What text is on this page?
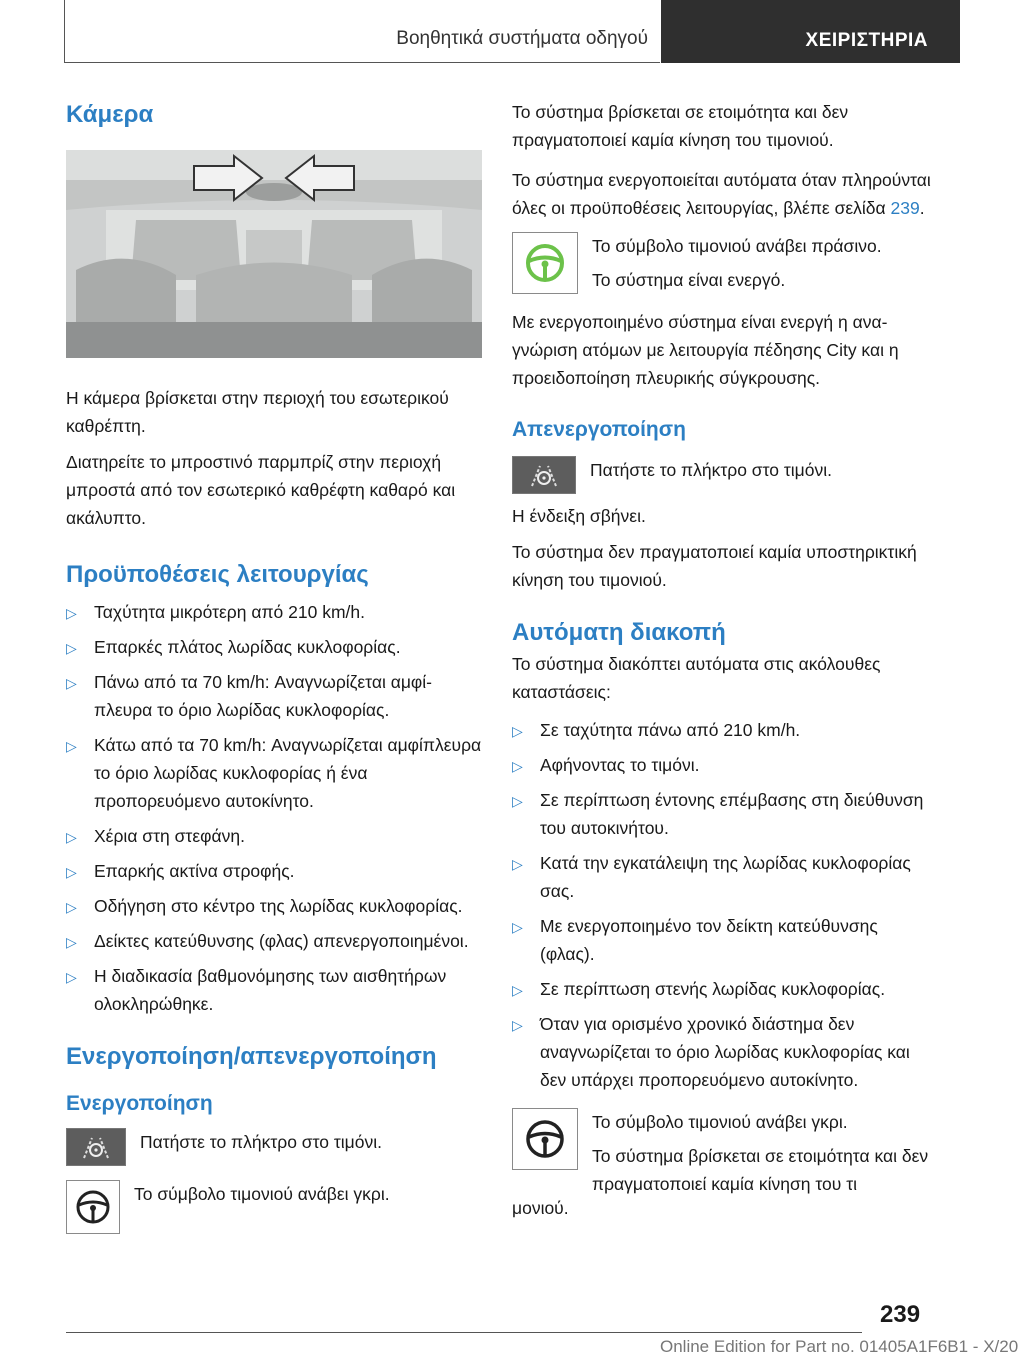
Βοηθητικά συστήματα οδηγού	ΧΕΙΡΙΣΤΗΡΙΑ
Κάμερα

Η κάμερα βρίσκεται στην περιοχή του εσωτερικού καθρέπτη.

Διατηρείτε το μπροστινό παρμπρίζ στην περιοχή μπροστά από τον εσωτερικό καθρέφτη καθαρό και ακάλυπτο.

Προϋποθέσεις λειτουργίας
▷ Ταχύτητα μικρότερη από 210 km/h.
▷ Επαρκές πλάτος λωρίδας κυκλοφορίας.
▷ Πάνω από τα 70 km/h: Αναγνωρίζεται αμφίπλευρα το όριο λωρίδας κυκλοφορίας.
▷ Κάτω από τα 70 km/h: Αναγνωρίζεται αμφίπλευρα το όριο λωρίδας κυκλοφορίας ή ένα προπορευόμενο αυτοκίνητο.
▷ Χέρια στη στεφάνη.
▷ Επαρκής ακτίνα στροφής.
▷ Οδήγηση στο κέντρο της λωρίδας κυκλοφορίας.
▷ Δείκτες κατεύθυνσης (φλας) απενεργοποιημένοι.
▷ Η διαδικασία βαθμονόμησης των αισθητήρων ολοκληρώθηκε.
Ενεργοποίηση/απενεργοποίηση
Ενεργοποίηση

Πατήστε το πλήκτρο στο τιμόνι.

Το σύμβολο τιμονιού ανάβει γκρι.

Το σύστημα βρίσκεται σε ετοιμότητα και δεν πραγματοποιεί καμία κίνηση του τιμονιού.

Το σύστημα ενεργοποιείται αυτόματα όταν πληρούνται όλες οι προϋποθέσεις λειτουργίας, βλέπε σελίδα 239.

Το σύμβολο τιμονιού ανάβει πράσινο.

Το σύστημα είναι ενεργό.

Με ενεργοποιημένο σύστημα είναι ενεργή η αναγνώριση ατόμων με λειτουργία πέδησης City και η προειδοποίηση πλευρικής σύγκρουσης.

Απενεργοποίηση

Πατήστε το πλήκτρο στο τιμόνι.

Η ένδειξη σβήνει.

Το σύστημα δεν πραγματοποιεί καμία υποστηρικτική κίνηση του τιμονιού.

Αυτόματη διακοπή

Το σύστημα διακόπτει αυτόματα στις ακόλουθες καταστάσεις:

▷ Σε ταχύτητα πάνω από 210 km/h.
▷ Αφήνοντας το τιμόνι.
▷ Σε περίπτωση έντονης επέμβασης στη διεύθυνση του αυτοκινήτου.
▷ Κατά την εγκατάλειψη της λωρίδας κυκλοφορίας σας.
▷ Με ενεργοποιημένο τον δείκτη κατεύθυνσης (φλας).
▷ Σε περίπτωση στενής λωρίδας κυκλοφορίας.
▷ Όταν για ορισμένο χρονικό διάστημα δεν αναγνωρίζεται το όριο λωρίδας κυκλοφορίας και δεν υπάρχει προπορευόμενο αυτοκίνητο.

Το σύμβολο τιμονιού ανάβει γκρι.

Το σύστημα βρίσκεται σε ετοιμότητα και δεν πραγματοποιεί καμία κίνηση του τι

μονιού.

239
Online Edition for Part no. 01405A1F6B1 - X/20
